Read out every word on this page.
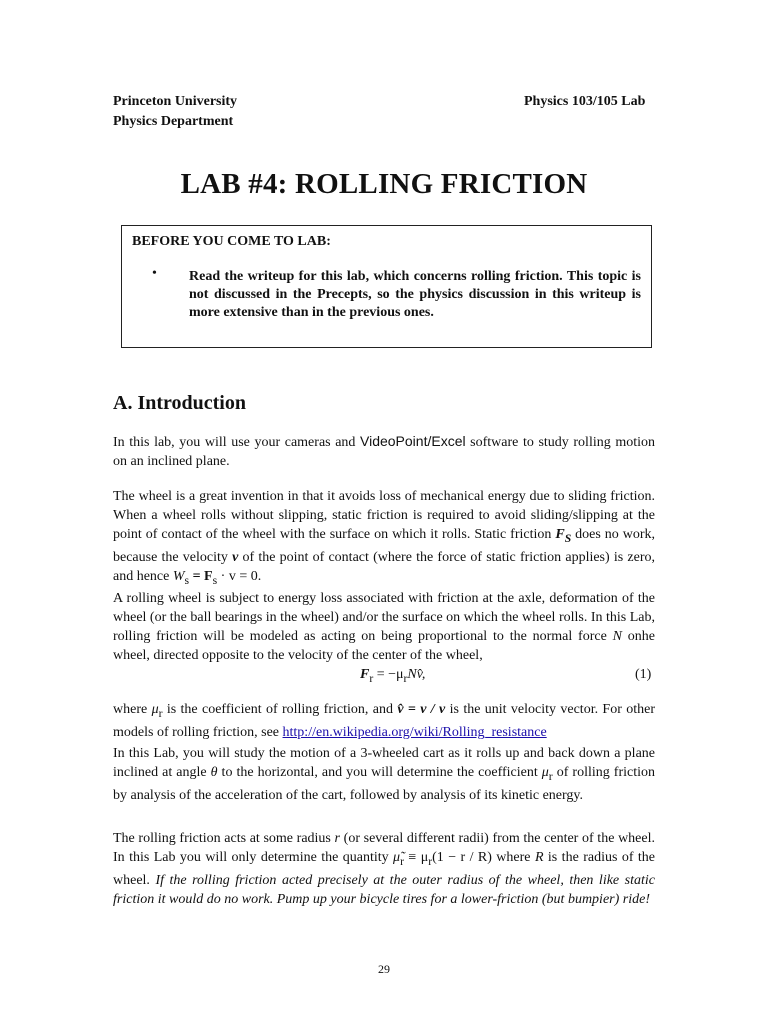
Princeton University
Physics Department
Physics 103/105 Lab
LAB #4: ROLLING FRICTION
BEFORE YOU COME TO LAB:
• Read the writeup for this lab, which concerns rolling friction. This topic is not discussed in the Precepts, so the physics discussion in this writeup is more extensive than in the previous ones.
A. Introduction
In this lab, you will use your cameras and VideoPoint/Excel software to study rolling motion on an inclined plane.
The wheel is a great invention in that it avoids loss of mechanical energy due to sliding friction. When a wheel rolls without slipping, static friction is required to avoid sliding/slipping at the point of contact of the wheel with the surface on which it rolls. Static friction $F_S$ does no work, because the velocity v of the point of contact (where the force of static friction applies) is zero, and hence $W_s = F_s \cdot v = 0$.
A rolling wheel is subject to energy loss associated with friction at the axle, deformation of the wheel (or the ball bearings in the wheel) and/or the surface on which the wheel rolls. In this Lab, rolling friction will be modeled as acting on being proportional to the normal force N onhe wheel, directed opposite to the velocity of the center of the wheel,
$F_r$ = $-\mu_rNv̂$,	(1)
where $\mu_r$ is the coefficient of rolling friction, and v̂ = v / v is the unit velocity vector. For other models of rolling friction, see http://en.wikipedia.org/wiki/Rolling_resistance
In this Lab, you will study the motion of a 3-wheeled cart as it rolls up and back down a plane inclined at angle θ to the horizontal, and you will determine the coefficient $\mu_r$ of rolling friction by analysis of the acceleration of the cart, followed by analysis of its kinetic energy.
The rolling friction acts at some radius r (or several different radii) from the center of the wheel. In this Lab you will only determine the quantity $\mũ_r \equiv \mu_r(1 - r / R)$ where R is the radius of the wheel. If the rolling friction acted precisely at the outer radius of the wheel, then like static friction it would do no work. Pump up your bicycle tires for a lower-friction (but bumpier) ride!
29
